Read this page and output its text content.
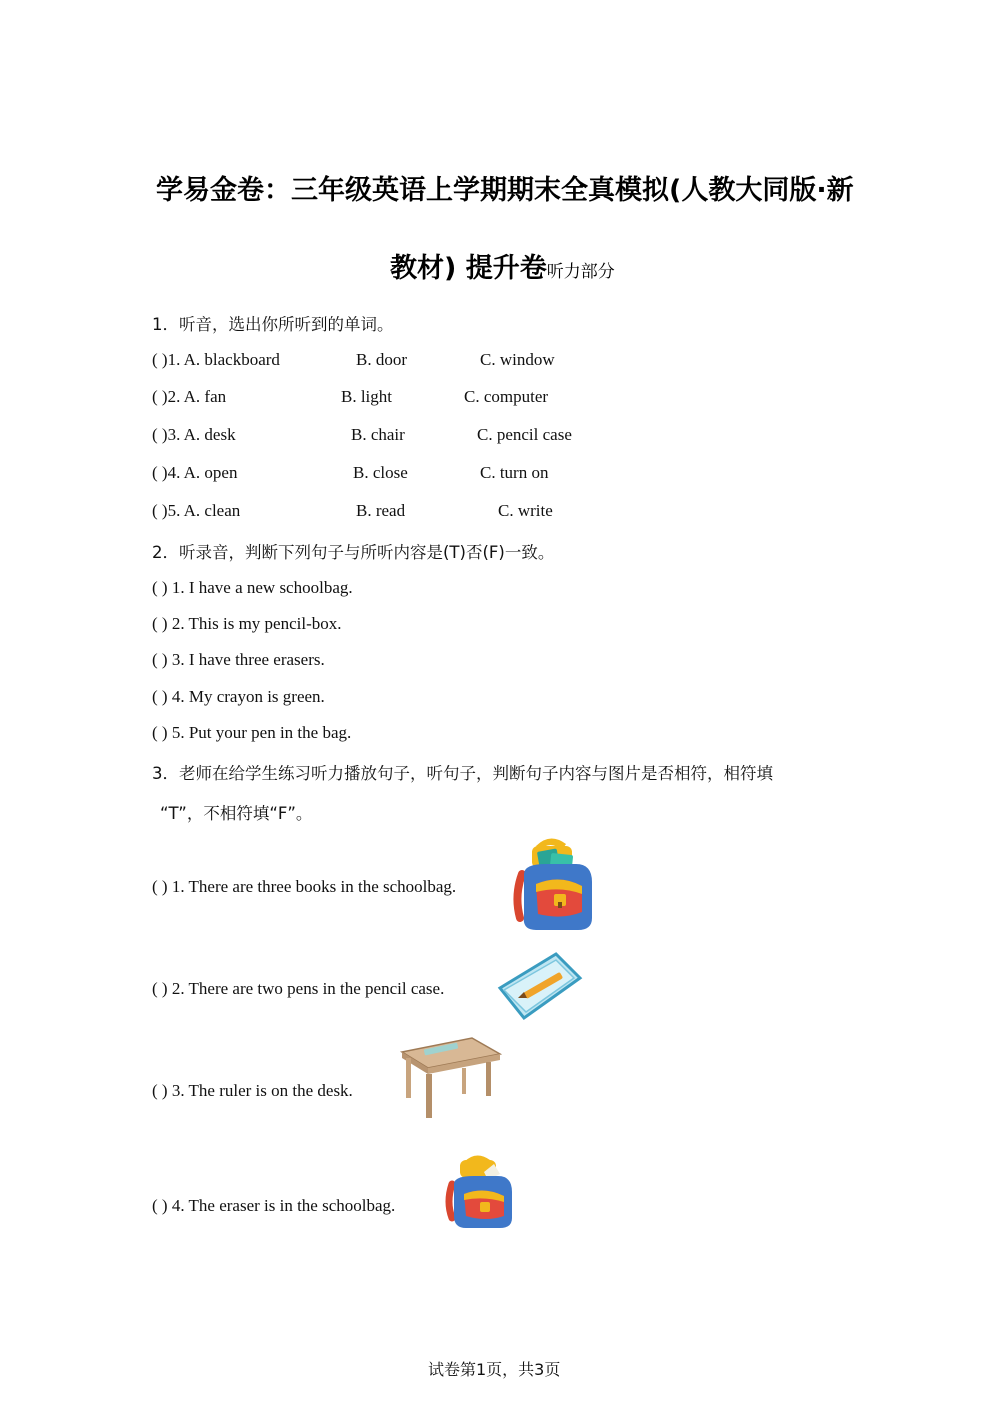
学易金卷：三年级英语上学期期末全真模拟(人教大同版·新
教材) 提升卷听力部分
1．听音，选出你所听到的单词。
( )1. A. blackboard	B. door	C. window
( )2. A. fan	B. light	C. computer
( )3. A. desk	B. chair	C. pencil case
( )4. A. open	B. close	C. turn on
( )5. A. clean	B. read	C. write
2．听录音，判断下列句子与所听内容是(T)否(F)一致。
( ) 1. I have a new schoolbag.
( ) 2. This is my pencil-box.
( ) 3. I have three erasers.
( ) 4. My crayon is green.
( ) 5. Put your pen in the bag.
3．老师在给学生练习听力播放句子，听句子，判断句子内容与图片是否相符，相符填
“T”，不相符填“F”。
( ) 1. There are three books in the schoolbag.
( ) 2. There are two pens in the pencil case.
( ) 3. The ruler is on the desk.
( ) 4. The eraser is in the schoolbag.
试卷第1页，共3页
